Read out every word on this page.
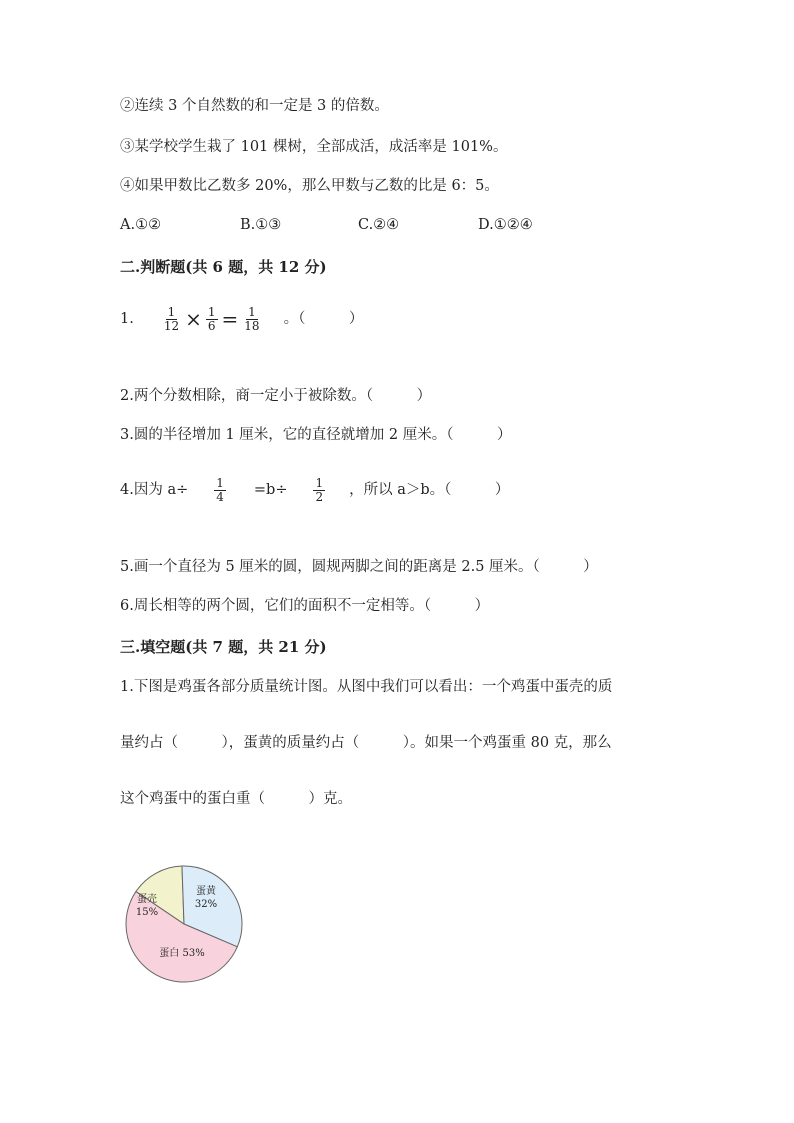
②连续 3 个自然数的和一定是 3 的倍数。
③某学校学生栽了 101 棵树，全部成活，成活率是 101%。
④如果甲数比乙数多 20%，那么甲数与乙数的比是 6：5。
A.①②	B.①③	C.②④	D.①②④
二.判断题(共 6 题，共 12 分)
1. $\frac{1}{12} \times \frac{1}{6} = \frac{1}{18}$ 。（　　　）
2.两个分数相除，商一定小于被除数。（　　　）
3.圆的半径增加 1 厘米，它的直径就增加 2 厘米。（　　　）
4.因为 $a\div \frac{1}{4} =b\div \frac{1}{2}$ ，所以 a＞b。（　　　）
5.画一个直径为 5 厘米的圆，圆规两脚之间的距离是 2.5 厘米。（　　　）
6.周长相等的两个圆，它们的面积不一定相等。（　　　）
三.填空题(共 7 题，共 21 分)
1.下图是鸡蛋各部分质量统计图。从图中我们可以看出：一个鸡蛋中蛋壳的质
量约占（　　　），蛋黄的质量约占（　　　）。如果一个鸡蛋重 80 克，那么
这个鸡蛋中的蛋白重（　　　）克。
蛋壳
15%
蛋黄
32%
蛋白 53%
